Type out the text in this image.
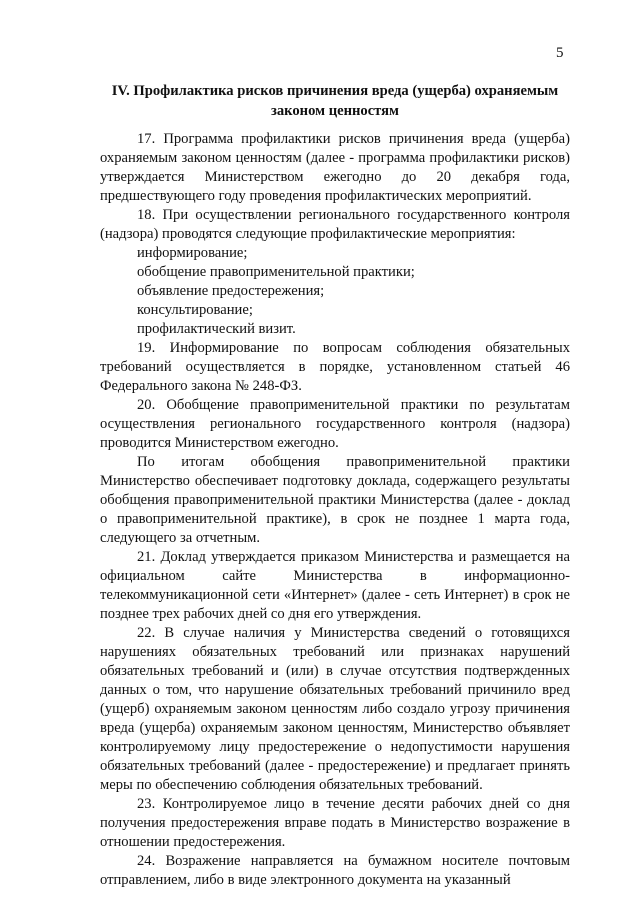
5
IV. Профилактика рисков причинения вреда (ущерба) охраняемым законом ценностям

17. Программа профилактики рисков причинения вреда (ущерба) охраняемым законом ценностям (далее - программа профилактики рисков) утверждается Министерством ежегодно до 20 декабря года, предшествующего году проведения профилактических мероприятий.

18. При осуществлении регионального государственного контроля (надзора) проводятся следующие профилактические мероприятия:

информирование;
обобщение правоприменительной практики;
объявление предостережения;
консультирование;
профилактический визит.

19. Информирование по вопросам соблюдения обязательных требований осуществляется в порядке, установленном статьей 46 Федерального закона № 248-ФЗ.

20. Обобщение правоприменительной практики по результатам осуществления регионального государственного контроля (надзора) проводится Министерством ежегодно.

По итогам обобщения правоприменительной практики Министерство обеспечивает подготовку доклада, содержащего результаты обобщения правоприменительной практики Министерства (далее - доклад о правоприменительной практике), в срок не позднее 1 марта года, следующего за отчетным.

21. Доклад утверждается приказом Министерства и размещается на официальном сайте Министерства в информационно-телекоммуникационной сети «Интернет» (далее - сеть Интернет) в срок не позднее трех рабочих дней со дня его утверждения.

22. В случае наличия у Министерства сведений о готовящихся нарушениях обязательных требований или признаках нарушений обязательных требований и (или) в случае отсутствия подтвержденных данных о том, что нарушение обязательных требований причинило вред (ущерб) охраняемым законом ценностям либо создало угрозу причинения вреда (ущерба) охраняемым законом ценностям, Министерство объявляет контролируемому лицу предостережение о недопустимости нарушения обязательных требований (далее - предостережение) и предлагает принять меры по обеспечению соблюдения обязательных требований.

23. Контролируемое лицо в течение десяти рабочих дней со дня получения предостережения вправе подать в Министерство возражение в отношении предостережения.

24. Возражение направляется на бумажном носителе почтовым отправлением, либо в виде электронного документа на указанный
